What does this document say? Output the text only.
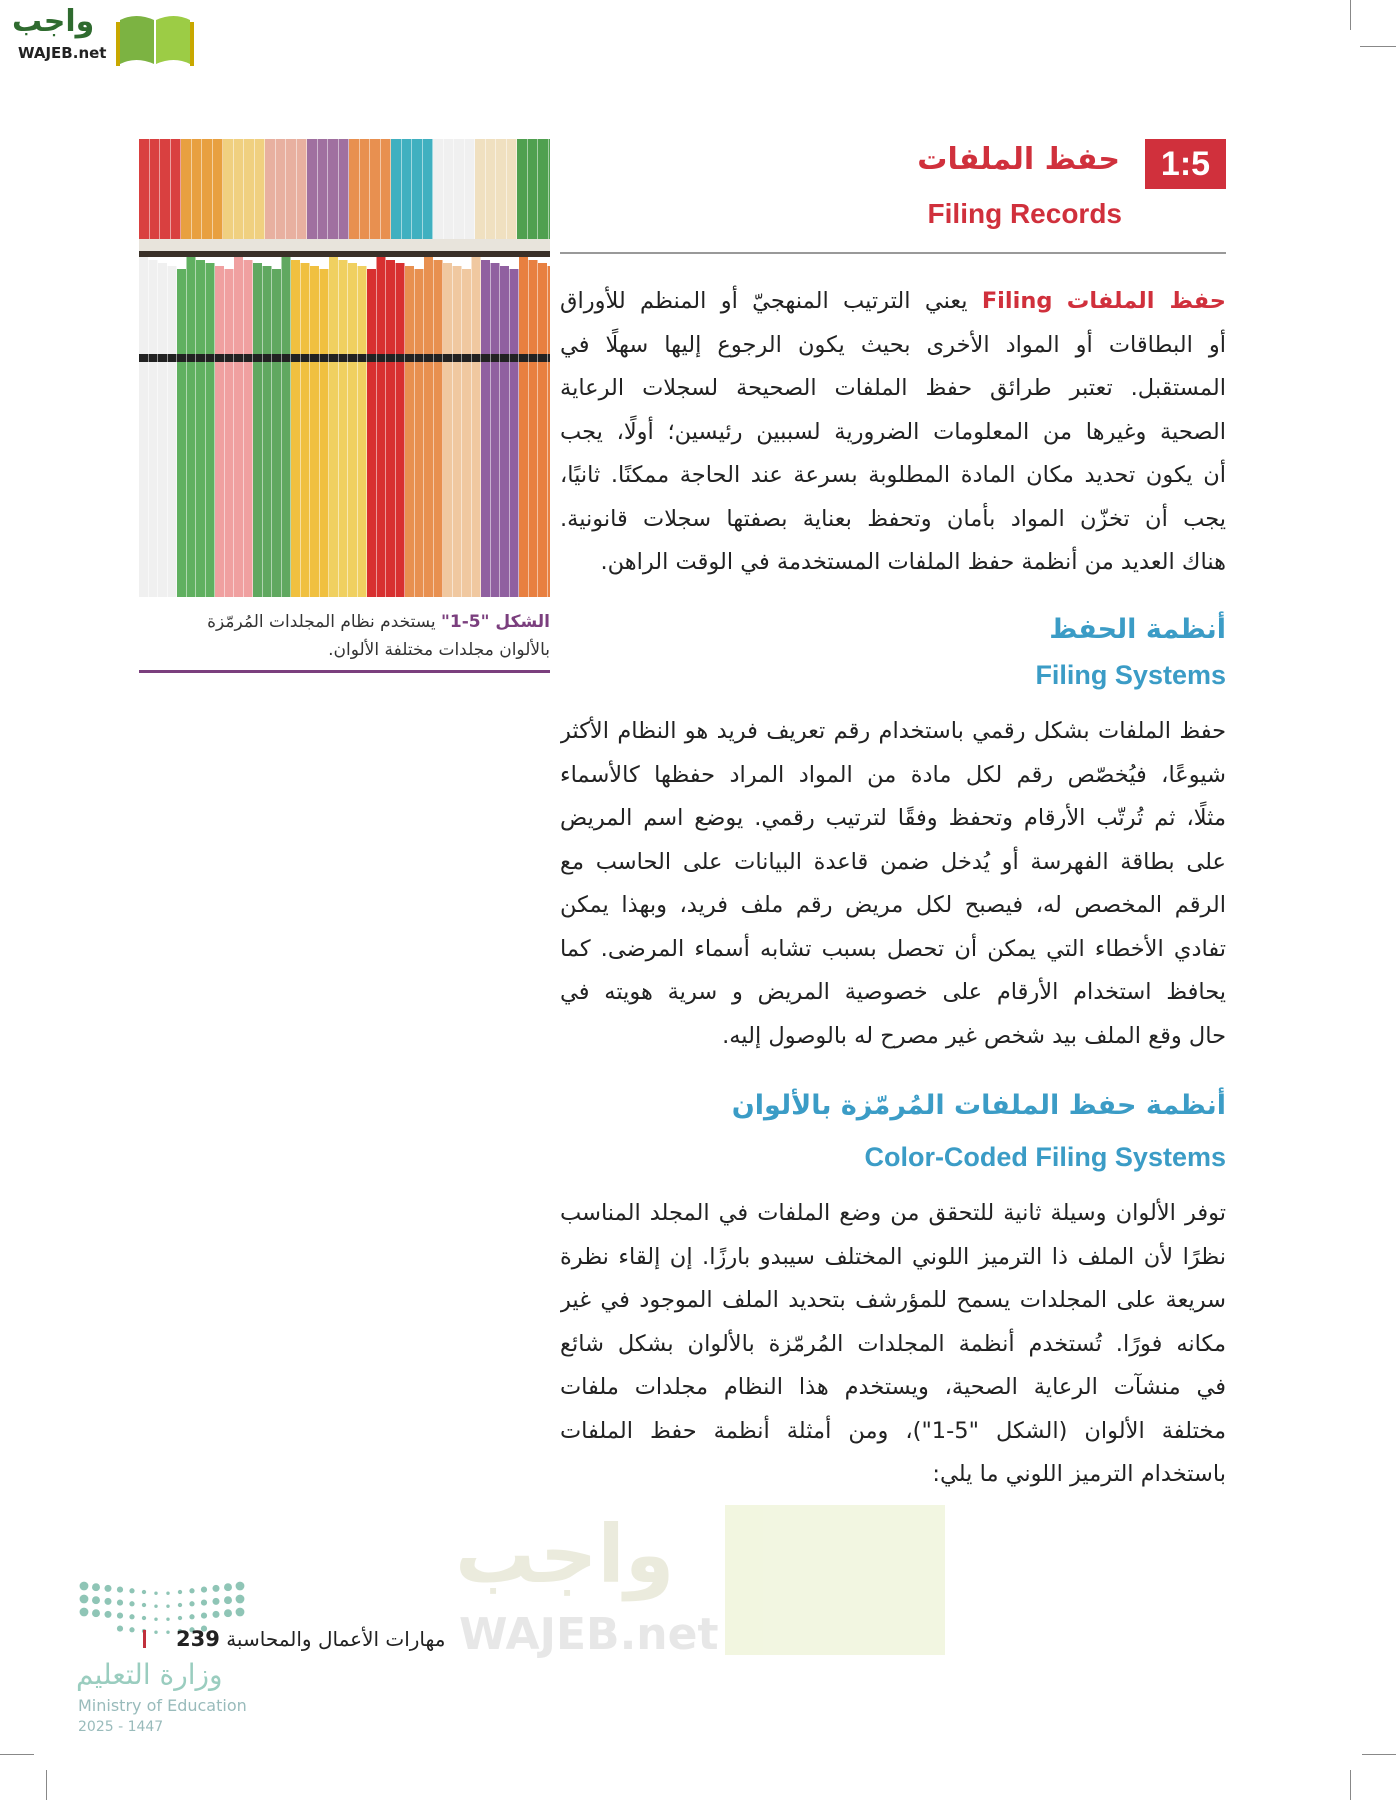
واجب
WAJEB.net
الشكل "5-1" يستخدم نظام المجلدات المُرمّزة
بالألوان مجلدات مختلفة الألوان.
1:5
حفظ الملفات
Filing Records
حفظ الملفات Filing يعني الترتيب المنهجيّ أو المنظم للأوراق
أو البطاقات أو المواد الأخرى بحيث يكون الرجوع إليها سهلًا في
المستقبل. تعتبر طرائق حفظ الملفات الصحيحة لسجلات الرعاية
الصحية وغيرها من المعلومات الضرورية لسببين رئيسين؛ أولًا، يجب
أن يكون تحديد مكان المادة المطلوبة بسرعة عند الحاجة ممكنًا. ثانيًا،
يجب أن تخزّن المواد بأمان وتحفظ بعناية بصفتها سجلات قانونية.
هناك العديد من أنظمة حفظ الملفات المستخدمة في الوقت الراهن.
أنظمة الحفظ
Filing Systems
حفظ الملفات بشكل رقمي باستخدام رقم تعريف فريد هو النظام الأكثر
شيوعًا، فيُخصّص رقم لكل مادة من المواد المراد حفظها كالأسماء
مثلًا، ثم تُرتّب الأرقام وتحفظ وفقًا لترتيب رقمي. يوضع اسم المريض
على بطاقة الفهرسة أو يُدخل ضمن قاعدة البيانات على الحاسب مع
الرقم المخصص له، فيصبح لكل مريض رقم ملف فريد، وبهذا يمكن
تفادي الأخطاء التي يمكن أن تحصل بسبب تشابه أسماء المرضى. كما
يحافظ استخدام الأرقام على خصوصية المريض و سرية هويته في
حال وقع الملف بيد شخص غير مصرح له بالوصول إليه.
أنظمة حفظ الملفات المُرمّزة بالألوان
Color-Coded Filing Systems
توفر الألوان وسيلة ثانية للتحقق من وضع الملفات في المجلد المناسب
نظرًا لأن الملف ذا الترميز اللوني المختلف سيبدو بارزًا. إن إلقاء نظرة
سريعة على المجلدات يسمح للمؤرشف بتحديد الملف الموجود في غير
مكانه فورًا. تُستخدم أنظمة المجلدات المُرمّزة بالألوان بشكل شائع
في منشآت الرعاية الصحية، ويستخدم هذا النظام مجلدات ملفات
مختلفة الألوان (الشكل "5-1")، ومن أمثلة أنظمة حفظ الملفات
باستخدام الترميز اللوني ما يلي:
واجب
WAJEB.net
وزارة التعليم
Ministry of Education
2025 - 1447
مهارات الأعمال والمحاسبة 239
